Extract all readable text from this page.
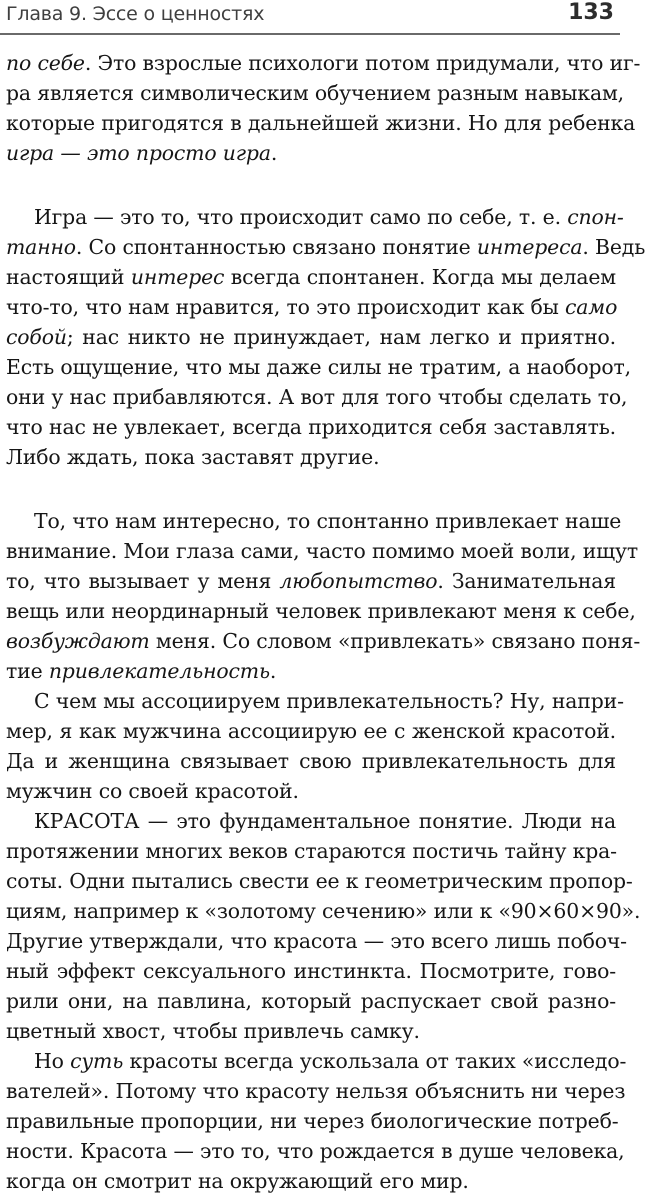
Глава 9. Эссе о ценностях	133
по себе. Это взрослые психологи потом придумали, что иг-
ра является символическим обучением разным навыкам,
которые пригодятся в дальнейшей жизни. Но для ребенка
игра — это просто игра.
Игра — это то, что происходит само по себе, т. е. спон-
танно. Со спонтанностью связано понятие интереса. Ведь
настоящий интерес всегда спонтанен. Когда мы делаем
что-то, что нам нравится, то это происходит как бы само
собой; нас никто не принуждает, нам легко и приятно.
Есть ощущение, что мы даже силы не тратим, а наоборот,
они у нас прибавляются. А вот для того чтобы сделать то,
что нас не увлекает, всегда приходится себя заставлять.
Либо ждать, пока заставят другие.
То, что нам интересно, то спонтанно привлекает наше
внимание. Мои глаза сами, часто помимо моей воли, ищут
то, что вызывает у меня любопытство. Занимательная
вещь или неординарный человек привлекают меня к себе,
возбуждают меня. Со словом «привлекать» связано поня-
тие привлекательность.
С чем мы ассоциируем привлекательность? Ну, напри-
мер, я как мужчина ассоциирую ее с женской красотой.
Да и женщина связывает свою привлекательность для
мужчин со своей красотой.
КРАСОТА — это фундаментальное понятие. Люди на
протяжении многих веков стараются постичь тайну кра-
соты. Одни пытались свести ее к геометрическим пропор-
циям, например к «золотому сечению» или к «90×60×90».
Другие утверждали, что красота — это всего лишь побоч-
ный эффект сексуального инстинкта. Посмотрите, гово-
рили они, на павлина, который распускает свой разно-
цветный хвост, чтобы привлечь самку.
Но суть красоты всегда ускользала от таких «исследо-
вателей». Потому что красоту нельзя объяснить ни через
правильные пропорции, ни через биологические потреб-
ности. Красота — это то, что рождается в душе человека,
когда он смотрит на окружающий его мир.
